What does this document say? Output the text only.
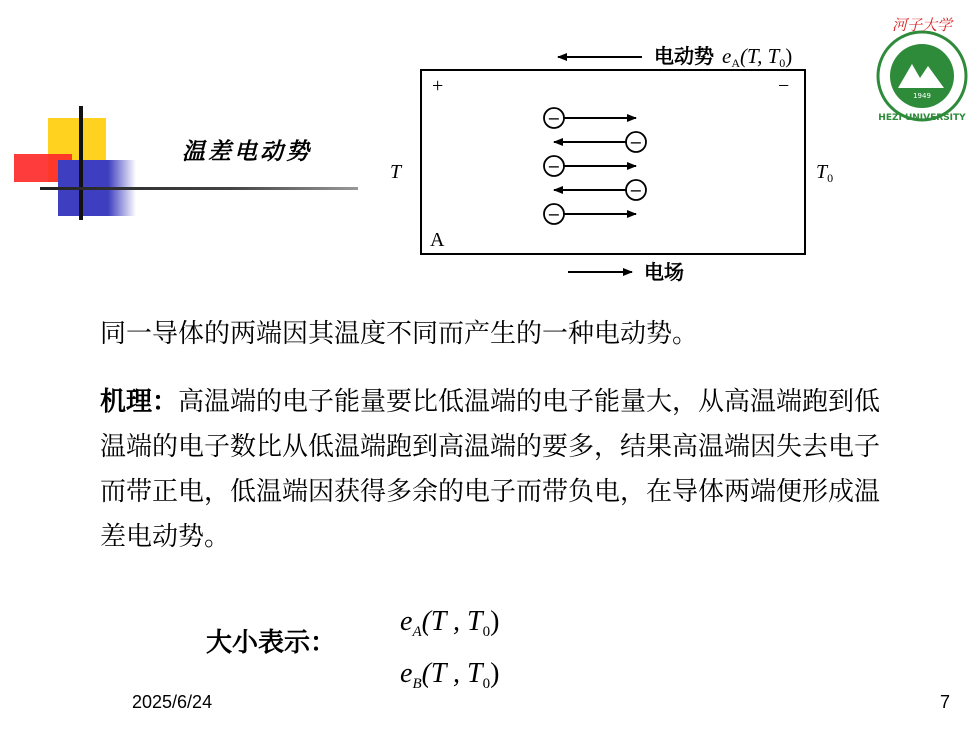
温差电动势
电动势 eA(T, T0)
+	−
A
T	$T_0$
−
−
−
−
−
电场
1949
河子大学
HEZI UNIVERSITY
同一导体的两端因其温度不同而产生的一种电动势。
机理：高温端的电子能量要比低温端的电子能量大，从高温端跑到低温端的电子数比从低温端跑到高温端的要多，结果高温端因失去电子而带正电，低温端因获得多余的电子而带负电，在导体两端便形成温差电动势。
大小表示：
$e_A(T$ , $T_0$)
$e_B(T$ , $T_0$)
2025/6/24	7
